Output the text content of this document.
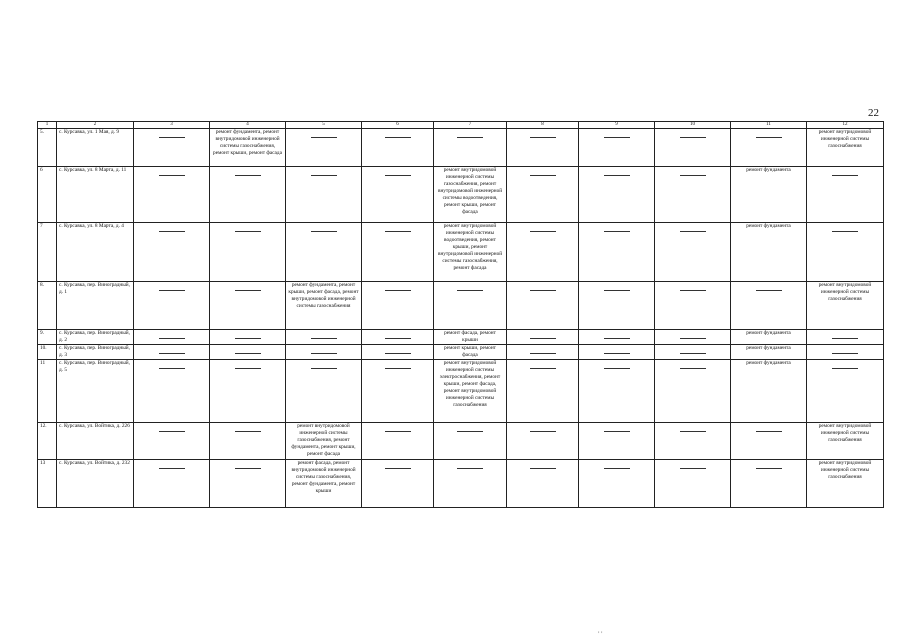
22
1	2	3	4	5	6	7	8	9	10	11	12
5.	с. Курсавка, ул. 1 Мая, д. 9		ремонт фундамента, ремонт внутридомовой инженерной системы газоснабжения, ремонт крыши, ремонт фасада								ремонт внутридомовой инженерной системы газоснабжения
6	с. Курсавка, ул. 8 Марта, д. 11					ремонт внутридомовой инженерной системы газоснабжения, ремонт внутридомовой инженерной системы водоотведения, ремонт крыши, ремонт фасада				ремонт фундамента	
7	с. Курсавка, ул. 8 Марта, д. 4					ремонт внутридомовой инженерной системы водоотведения, ремонт крыши, ремонт внутридомовой инженерной системы газоснабжения, ремонт фасада				ремонт фундамента	
8.	с. Курсавка, пер. Виноградный, д. 1			ремонт фундамента, ремонт крыши, ремонт фасада, ремонт внутридомовой инженерной системы газоснабжения							ремонт внутридомовой инженерной системы газоснабжения
9.	с. Курсавка, пер. Виноградный, д. 2					ремонт фасада, ремонт крыши				ремонт фундамента	
10.	с. Курсавка, пер. Виноградный, д. 3					ремонт крыши, ремонт фасада				ремонт фундамента	
11	с. Курсавка, пер. Виноградный, д. 5					ремонт внутридомовой инженерной системы электроснабжения, ремонт крыши, ремонт фасада, ремонт внутридомовой инженерной системы газоснабжения				ремонт фундамента	
12.	с. Курсавка, ул. Войтика, д. 226			ремонт внутридомовой инженерной системы газоснабжения, ремонт фундамента, ремонт крыши, ремонт фасада							ремонт внутридомовой инженерной системы газоснабжения
13	с. Курсавка, ул. Войтика, д. 232			ремонт фасада, ремонт внутридомовой инженерной системы газоснабжения, ремонт фундамента, ремонт крыши							ремонт внутридомовой инженерной системы газоснабжения
, ,
